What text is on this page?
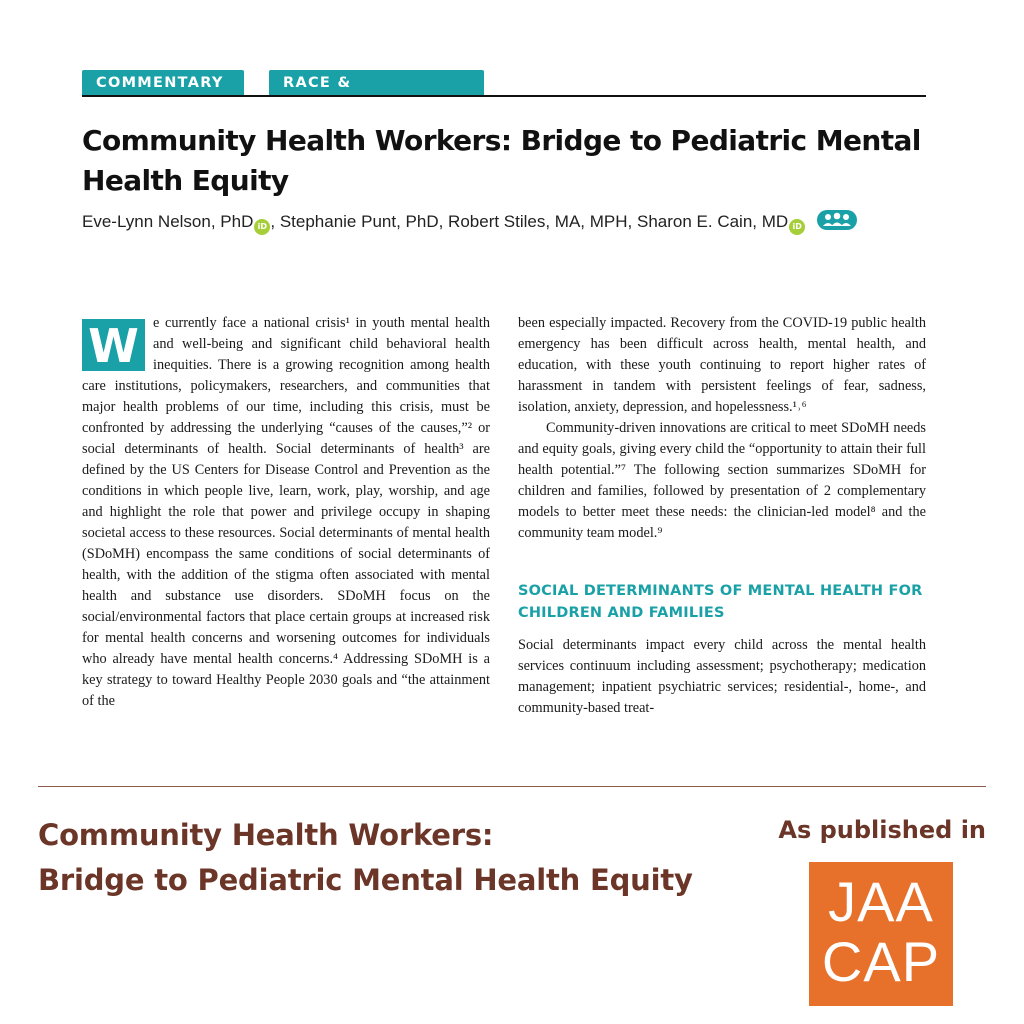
COMMENTARY	RACE & DISPARITIES
Community Health Workers: Bridge to Pediatric Mental Health Equity
Eve-Lynn Nelson, PhD iD , Stephanie Punt, PhD, Robert Stiles, MA, MPH, Sharon E. Cain, MD iD
W e currently face a national crisis¹ in youth mental health and well-being and significant child behavioral health inequities. There is a growing recognition among health care institutions, policymakers, researchers, and communities that major health problems of our time, including this crisis, must be confronted by addressing the underlying “causes of the causes,”² or social determinants of health. Social determinants of health³ are defined by the US Centers for Disease Control and Prevention as the conditions in which people live, learn, work, play, worship, and age and highlight the role that power and privilege occupy in shaping societal access to these resources. Social determinants of mental health (SDoMH) encompass the same conditions of social determinants of health, with the addition of the stigma often associated with mental health and substance use disorders. SDoMH focus on the social/environmental factors that place certain groups at increased risk for mental health concerns and worsening outcomes for individuals who already have mental health concerns.⁴ Addressing SDoMH is a key strategy to toward Healthy People 2030 goals and “the attainment of the

been especially impacted. Recovery from the COVID-19 public health emergency has been difficult across health, mental health, and education, with these youth continuing to report higher rates of harassment in tandem with persistent feelings of fear, sadness, isolation, anxiety, depression, and hopelessness.¹˒⁶

Community-driven innovations are critical to meet SDoMH needs and equity goals, giving every child the “opportunity to attain their full health potential.”⁷ The following section summarizes SDoMH for children and families, followed by presentation of 2 complementary models to better meet these needs: the clinician-led model⁸ and the community team model.⁹

SOCIAL DETERMINANTS OF MENTAL HEALTH FOR CHILDREN AND FAMILIES

Social determinants impact every child across the mental health services continuum including assessment; psychotherapy; medication management; inpatient psychiatric services; residential-, home-, and community-based treat-

Community Health Workers:
Bridge to Pediatric Mental Health Equity
As published in
JAA
CAP
